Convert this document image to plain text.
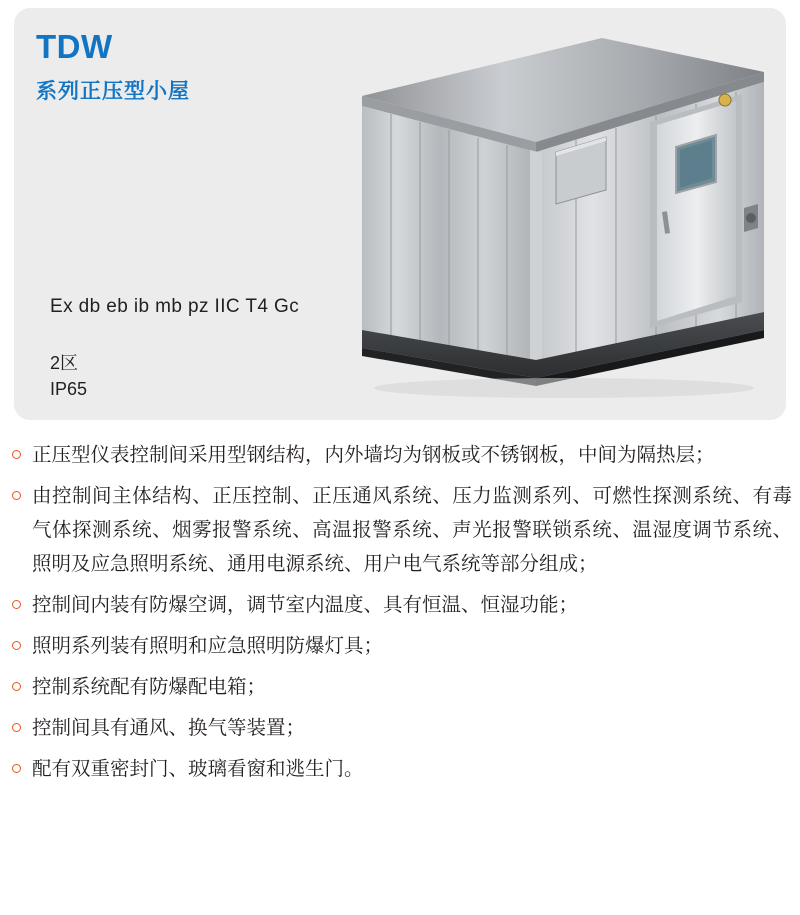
TDW
系列正压型小屋

Ex db eb ib mb pz IIC T4 Gc

2区

IP65

正压型仪表控制间采用型钢结构，内外墙均为钢板或不锈钢板，中间为隔热层；
由控制间主体结构、正压控制、正压通风系统、压力监测系列、可燃性探测系统、有毒气体探测系统、烟雾报警系统、高温报警系统、声光报警联锁系统、温湿度调节系统、照明及应急照明系统、通用电源系统、用户电气系统等部分组成；
控制间内装有防爆空调，调节室内温度、具有恒温、恒湿功能；
照明系列装有照明和应急照明防爆灯具；
控制系统配有防爆配电箱；
控制间具有通风、换气等装置；
配有双重密封门、玻璃看窗和逃生门。
